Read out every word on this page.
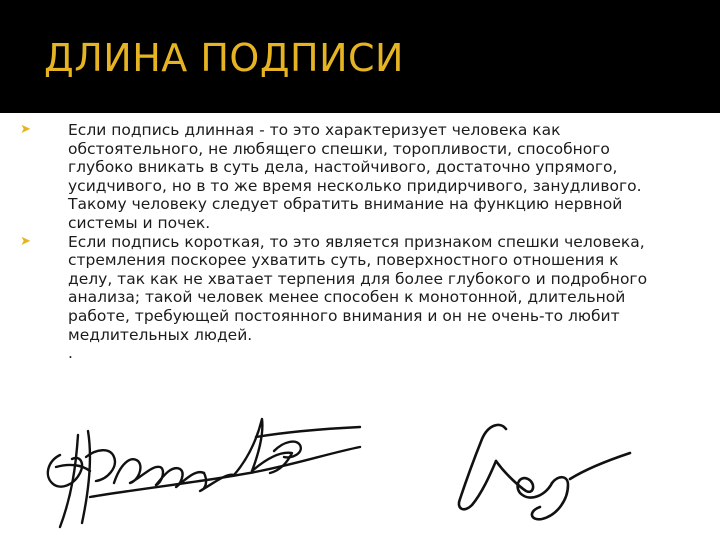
ДЛИНА ПОДПИСИ
➤ Если подпись длинная - то это характеризует человека как
обстоятельного, не любящего спешки, торопливости, способного
глубоко вникать в суть дела, настойчивого, достаточно упрямого,
усидчивого, но в то же время несколько придирчивого, занудливого.
Такому человеку следует обратить внимание на функцию нервной
системы и почек.
➤ Если подпись короткая, то это является признаком спешки человека,
стремления поскорее ухватить суть, поверхностного отношения к
делу, так как не хватает терпения для более глубокого и подробного
анализа; такой человек менее способен к монотонной, длительной
работе, требующей постоянного внимания и он не очень-то любит
медлительных людей.
.
